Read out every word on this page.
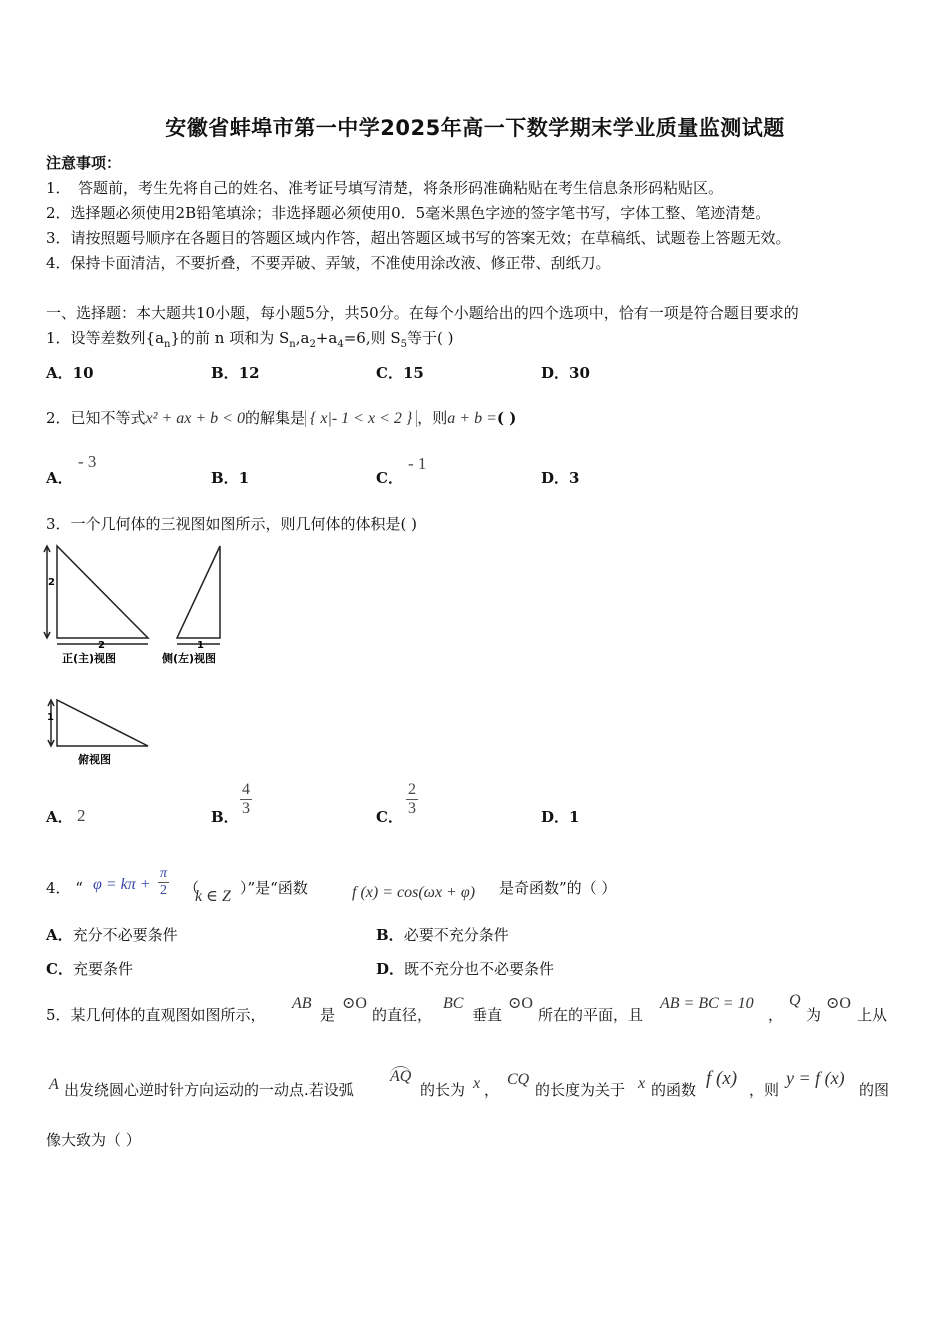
安徽省蚌埠市第一中学2025年高一下数学期末学业质量监测试题
注意事项：
1．　答题前，考生先将自己的姓名、准考证号填写清楚，将条形码准确粘贴在考生信息条形码粘贴区。
2．选择题必须使用2B铅笔填涂；非选择题必须使用0．5毫米黑色字迹的签字笔书写，字体工整、笔迹清楚。
3．请按照题号顺序在各题目的答题区域内作答，超出答题区域书写的答案无效；在草稿纸、试题卷上答题无效。
4．保持卡面清洁，不要折叠，不要弄破、弄皱，不准使用涂改液、修正带、刮纸刀。
一、选择题：本大题共10小题，每小题5分，共50分。在每个小题给出的四个选项中，恰有一项是符合题目要求的
1．设等差数列$\{a_n\}$的前 n 项和为 $S_n,a_2+a_4=6$,则 $S_5$等于( )
A．10	B．12	C．15	D．30
2．已知不等式x² + ax + b < 0的解集是 { x|- 1 < x < 2 } ，则a + b =( )
A．
- 3
B．1	C．
- 1
D．3
3．一个几何体的三视图如图所示，则几何体的体积是( )
2
2
正(主)视图
1
侧(左)视图
1
俯视图
A． 2	B． $\frac{4}{3}$	C． $\frac{2}{3}$	D．1
4． “ $\varphi = k\pi + \frac{\pi}{2}$ （
k ∈ Z ）”是“函数	f (x) = cos(ωx + φ) 是奇函数”的（ ）
A．充分不必要条件	B．必要不充分条件
C．充要条件	D．既不充分也不必要条件
5．某几何体的直观图如图所示，
AB
是
⊙O
的直径，
BC
垂直
⊙O
所在的平面，且
AB = BC = 10
，
Q
为
⊙O
上从
A 出发绕圆心逆时针方向运动的一动点.若设弧
AQ
的长为 x ，
CQ
的长度为关于 x 的函数
f (x)
，则
y = f (x)
的图
像大致为（ ）
